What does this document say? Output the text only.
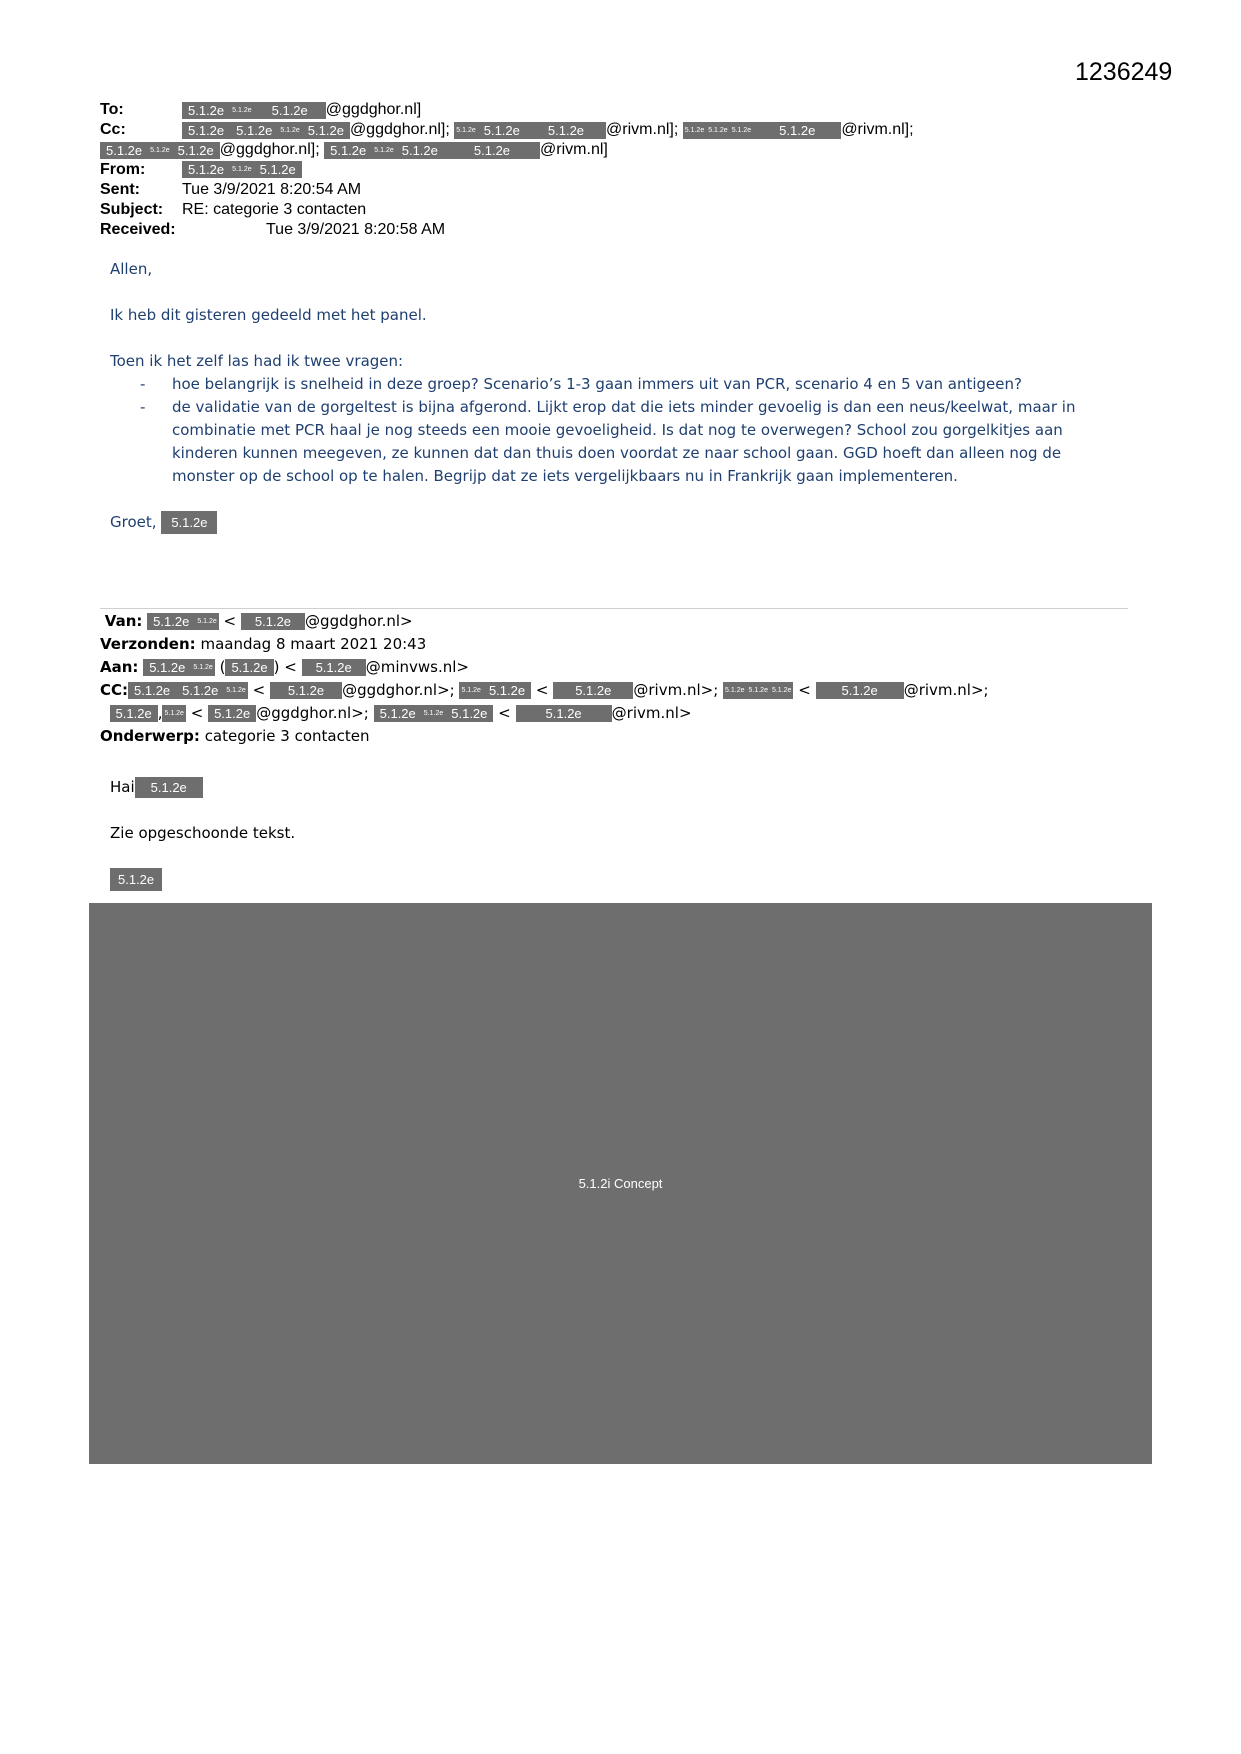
1236249
To:	5.1.2e 5.1.2e 5.1.2e @ggdghor.nl]
Cc:	5.1.2e 5.1.2e 5.1.2e 5.1.2e @ggdghor.nl]; 5.1.2e 5.1.2e 5.1.2e @rivm.nl]; 5.1.2e 5.1.2e 5.1.2e 5.1.2e @rivm.nl];
5.1.2e 5.1.2e 5.1.2e @ggdghor.nl]; 5.1.2e 5.1.2e 5.1.2e	5.1.2e @rivm.nl]
From:	5.1.2e 5.1.2e 5.1.2e
Sent:	Tue 3/9/2021 8:20:54 AM
Subject: RE: categorie 3 contacten
Received:	Tue 3/9/2021 8:20:58 AM

Allen,

Ik heb dit gisteren gedeeld met het panel.

Toen ik het zelf las had ik twee vragen:

- hoe belangrijk is snelheid in deze groep? Scenario’s 1-3 gaan immers uit van PCR, scenario 4 en 5 van antigeen?
- de validatie van de gorgeltest is bijna afgerond. Lijkt erop dat die iets minder gevoelig is dan een neus/keelwat, maar in combinatie met PCR haal je nog steeds een mooie gevoeligheid. Is dat nog te overwegen? School zou gorgelkitjes aan kinderen kunnen meegeven, ze kunnen dat dan thuis doen voordat ze naar school gaan. GGD hoeft dan alleen nog de monster op de school op te halen. Begrijp dat ze iets vergelijkbaars nu in Frankrijk gaan implementeren.

Groet, 5.1.2e

Van: 5.1.2e 5.1.2e < 5.1.2e @ggdghor.nl>
Verzonden: maandag 8 maart 2021 20:43
Aan: 5.1.2e 5.1.2e ( 5.1.2e ) < 5.1.2e @minvws.nl>
CC: 5.1.2e 5.1.2e 5.1.2e < 5.1.2e @ggdghor.nl>; 5.1.2e 5.1.2e < 5.1.2e @rivm.nl>; 5.1.2e 5.1.2e 5.1.2e < 5.1.2e @rivm.nl>;
5.1.2e , 5.1.2e < 5.1.2e @ggdghor.nl>; 5.1.2e 5.1.2e 5.1.2e < 5.1.2e @rivm.nl>
Onderwerp: categorie 3 contacten

Hai 5.1.2e

Zie opgeschoonde tekst.

5.1.2e

5.1.2i Concept
